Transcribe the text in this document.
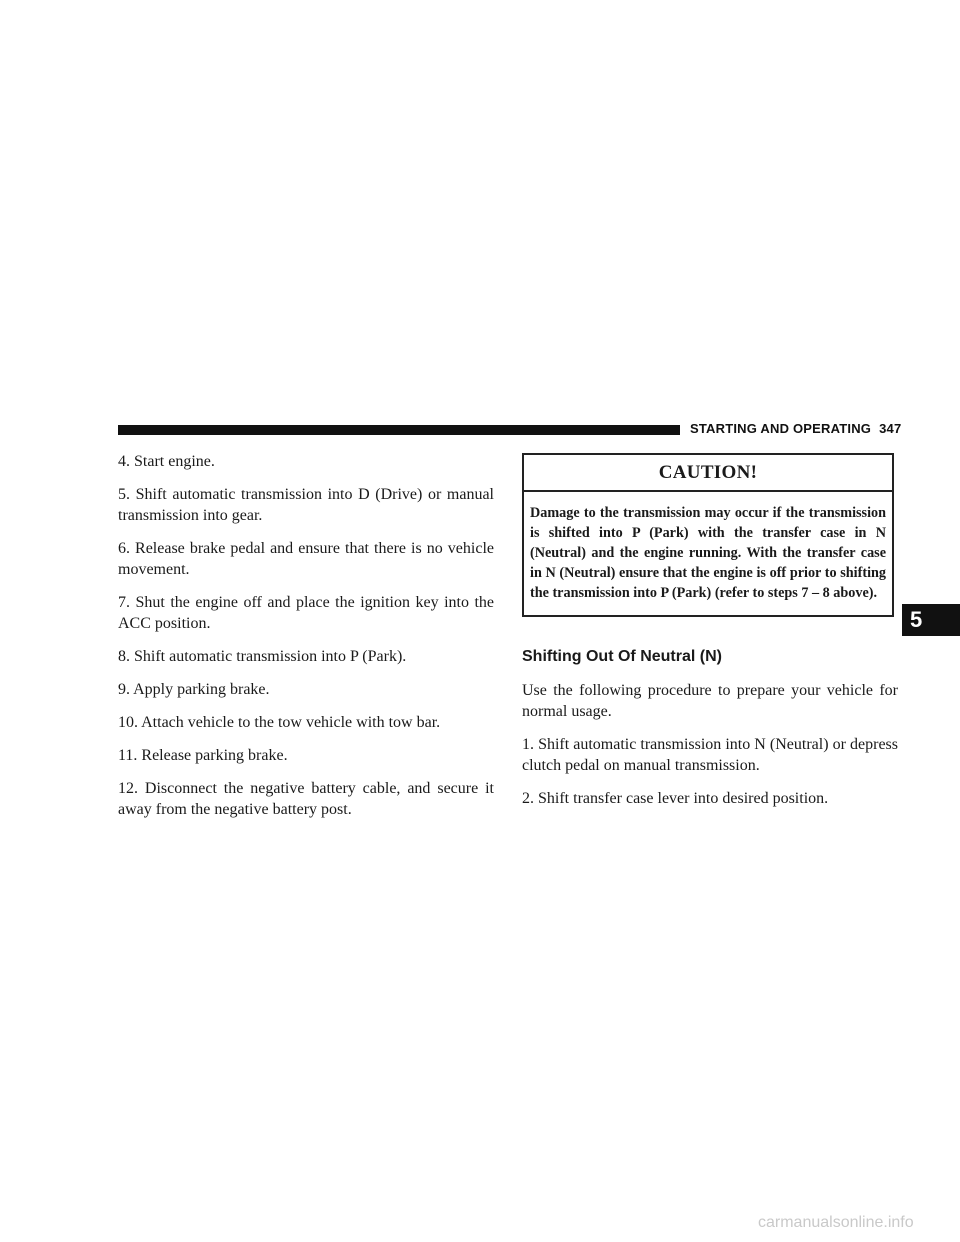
STARTING AND OPERATING 347

4. Start engine.

5. Shift automatic transmission into D (Drive) or manual transmission into gear.

6. Release brake pedal and ensure that there is no vehicle movement.

7. Shut the engine off and place the ignition key into the ACC position.

8. Shift automatic transmission into P (Park).

9. Apply parking brake.

10. Attach vehicle to the tow vehicle with tow bar.

11. Release parking brake.

12. Disconnect the negative battery cable, and secure it away from the negative battery post.

CAUTION!
Damage to the transmission may occur if the transmission is shifted into P (Park) with the transfer case in N (Neutral) and the engine running. With the transfer case in N (Neutral) ensure that the engine is off prior to shifting the transmission into P (Park) (refer to steps 7 – 8 above).
Shifting Out Of Neutral (N)

Use the following procedure to prepare your vehicle for normal usage.

1. Shift automatic transmission into N (Neutral) or depress clutch pedal on manual transmission.

2. Shift transfer case lever into desired position.

5
carmanualsonline.info
